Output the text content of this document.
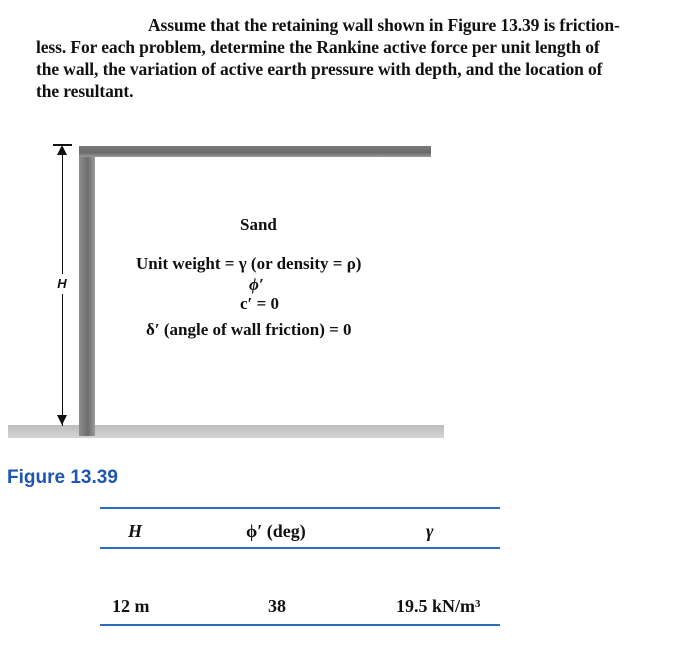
Assume that the retaining wall shown in Figure 13.39 is friction-
less. For each problem, determine the Rankine active force per unit length of
the wall, the variation of active earth pressure with depth, and the location of
the resultant.
H
Sand
Unit weight = γ (or density = ρ)
ϕ′
c′ = 0
δ′ (angle of wall friction) = 0
Figure 13.39
H	ϕ′ (deg)	γ
12 m	38	19.5 kN/m³
